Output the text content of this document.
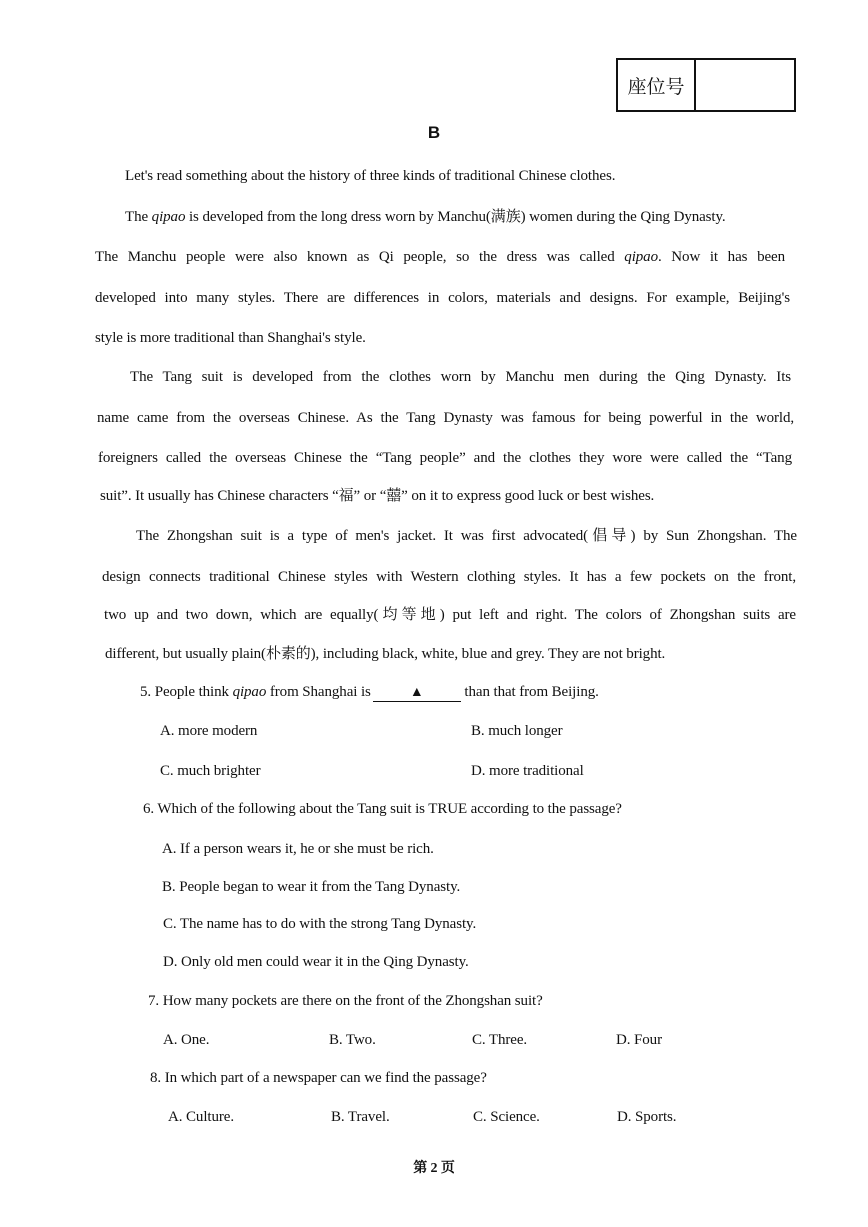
座位号
B
Let's read something about the history of three kinds of traditional Chinese clothes.
The qipao is developed from the long dress worn by Manchu(满族) women during the Qing Dynasty.
The Manchu people were also known as Qi people, so the dress was called qipao. Now it has been
developed into many styles. There are differences in colors, materials and designs. For example, Beijing's
style is more traditional than Shanghai's style.
The Tang suit is developed from the clothes worn by Manchu men during the Qing Dynasty. Its
name came from the overseas Chinese. As the Tang Dynasty was famous for being powerful in the world,
foreigners called the overseas Chinese the “Tang people” and the clothes they wore were called the “Tang
suit”. It usually has Chinese characters “福” or “囍” on it to express good luck or best wishes.
The Zhongshan suit is a type of men's jacket. It was first advocated(倡导) by Sun Zhongshan. The
design connects traditional Chinese styles with Western clothing styles. It has a few pockets on the front,
two up and two down, which are equally(均等地) put left and right. The colors of Zhongshan suits are
different, but usually plain(朴素的), including black, white, blue and grey. They are not bright.
5. People think qipao from Shanghai is	▲ than that from Beijing.
A. more modern	B. much longer
C. much brighter	D. more traditional
6. Which of the following about the Tang suit is TRUE according to the passage?
A. If a person wears it, he or she must be rich.
B. People began to wear it from the Tang Dynasty.
C. The name has to do with the strong Tang Dynasty.
D. Only old men could wear it in the Qing Dynasty.
7. How many pockets are there on the front of the Zhongshan suit?
A. One.	B. Two.	C. Three.	D. Four
8. In which part of a newspaper can we find the passage?
A. Culture.	B. Travel.	C. Science.	D. Sports.
第 2 页
